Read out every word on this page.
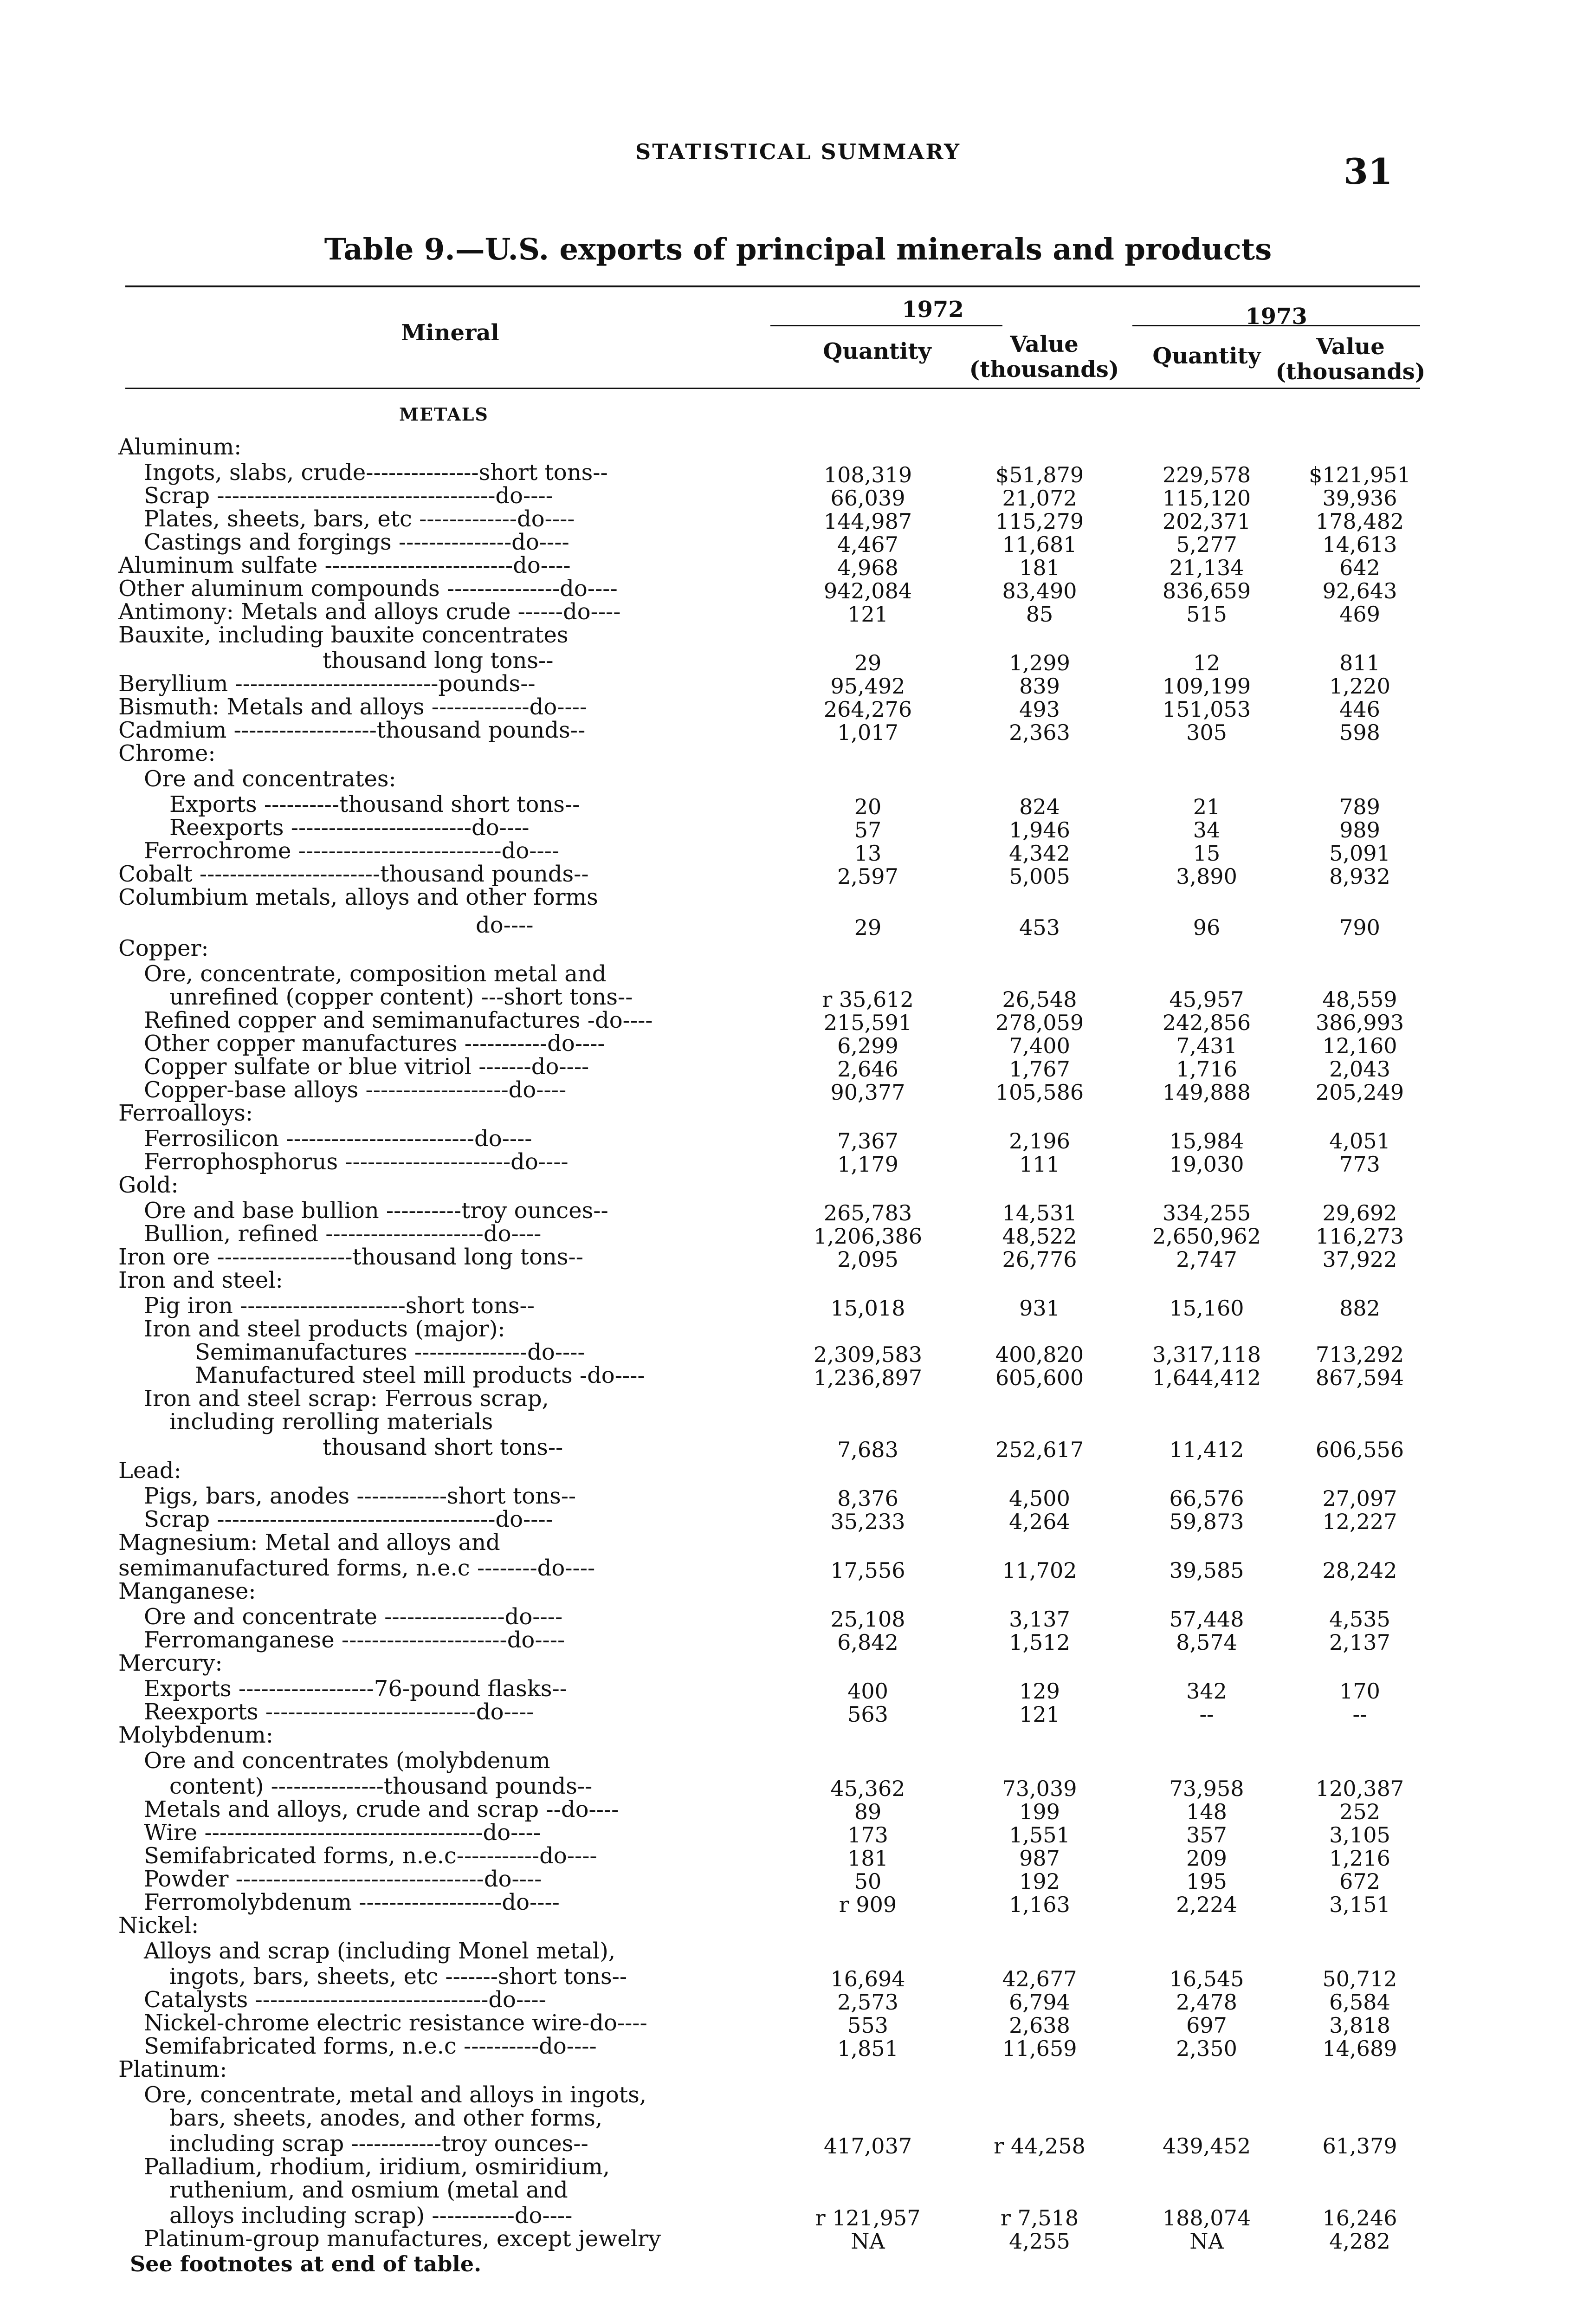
STATISTICAL SUMMARY	31
Table 9.—U.S. exports of principal minerals and products
Mineral
1972	1973
Quantity	Value (thousands)
Quantity	Value (thousands)
METALS
Aluminum:
Ingots, slabs, crude---------------short tons--	108,319	$51,879	229,578	$121,951
Scrap -------------------------------------do----	66,039	21,072	115,120	39,936
Plates, sheets, bars, etc -------------do----	144,987	115,279	202,371	178,482
Castings and forgings ---------------do----	4,467	11,681	5,277	14,613
Aluminum sulfate -------------------------do----	4,968	181	21,134	642
Other aluminum compounds ---------------do----	942,084	83,490	836,659	92,643
Antimony: Metals and alloys crude ------do----	121	85	515	469
Bauxite, including bauxite concentrates
thousand long tons--	29	1,299	12	811
Beryllium ---------------------------pounds--	95,492	839	109,199	1,220
Bismuth: Metals and alloys -------------do----	264,276	493	151,053	446
Cadmium -------------------thousand pounds--	1,017	2,363	305	598
Chrome:
Ore and concentrates:
Exports ----------thousand short tons--	20	824	21	789
Reexports ------------------------do----	57	1,946	34	989
Ferrochrome ---------------------------do----	13	4,342	15	5,091
Cobalt ------------------------thousand pounds--	2,597	5,005	3,890	8,932
Columbium metals, alloys and other forms
do----	29	453	96	790
Copper:
Ore, concentrate, composition metal and
unrefined (copper content) ---short tons--	r 35,612	26,548	45,957	48,559
Refined copper and semimanufactures -do----	215,591	278,059	242,856	386,993
Other copper manufactures -----------do----	6,299	7,400	7,431	12,160
Copper sulfate or blue vitriol -------do----	2,646	1,767	1,716	2,043
Copper-base alloys -------------------do----	90,377	105,586	149,888	205,249
Ferroalloys:
Ferrosilicon -------------------------do----	7,367	2,196	15,984	4,051
Ferrophosphorus ----------------------do----	1,179	111	19,030	773
Gold:
Ore and base bullion ----------troy ounces--	265,783	14,531	334,255	29,692
Bullion, refined ---------------------do----	1,206,386	48,522	2,650,962	116,273
Iron ore ------------------thousand long tons--	2,095	26,776	2,747	37,922
Iron and steel:
Pig iron ----------------------short tons--	15,018	931	15,160	882
Iron and steel products (major):
Semimanufactures ---------------do----	2,309,583	400,820	3,317,118	713,292
Manufactured steel mill products -do----	1,236,897	605,600	1,644,412	867,594
Iron and steel scrap: Ferrous scrap,
including rerolling materials
thousand short tons--	7,683	252,617	11,412	606,556
Lead:
Pigs, bars, anodes ------------short tons--	8,376	4,500	66,576	27,097
Scrap -------------------------------------do----	35,233	4,264	59,873	12,227
Magnesium: Metal and alloys and
semimanufactured forms, n.e.c --------do----	17,556	11,702	39,585	28,242
Manganese:
Ore and concentrate ----------------do----	25,108	3,137	57,448	4,535
Ferromanganese ----------------------do----	6,842	1,512	8,574	2,137
Mercury:
Exports ------------------76-pound flasks--	400	129	342	170
Reexports ----------------------------do----	563	121	--	--
Molybdenum:
Ore and concentrates (molybdenum
content) ---------------thousand pounds--	45,362	73,039	73,958	120,387
Metals and alloys, crude and scrap --do----	89	199	148	252
Wire -------------------------------------do----	173	1,551	357	3,105
Semifabricated forms, n.e.c-----------do----	181	987	209	1,216
Powder ---------------------------------do----	50	192	195	672
Ferromolybdenum -------------------do----	r 909	1,163	2,224	3,151
Nickel:
Alloys and scrap (including Monel metal),
ingots, bars, sheets, etc -------short tons--	16,694	42,677	16,545	50,712
Catalysts -------------------------------do----	2,573	6,794	2,478	6,584
Nickel-chrome electric resistance wire-do----	553	2,638	697	3,818
Semifabricated forms, n.e.c ----------do----	1,851	11,659	2,350	14,689
Platinum:
Ore, concentrate, metal and alloys in ingots,
bars, sheets, anodes, and other forms,
including scrap ------------troy ounces--	417,037	r 44,258	439,452	61,379
Palladium, rhodium, iridium, osmiridium,
ruthenium, and osmium (metal and
alloys including scrap) -----------do----	r 121,957	r 7,518	188,074	16,246
Platinum-group manufactures, except jewelry	NA	4,255	NA	4,282
See footnotes at end of table.
